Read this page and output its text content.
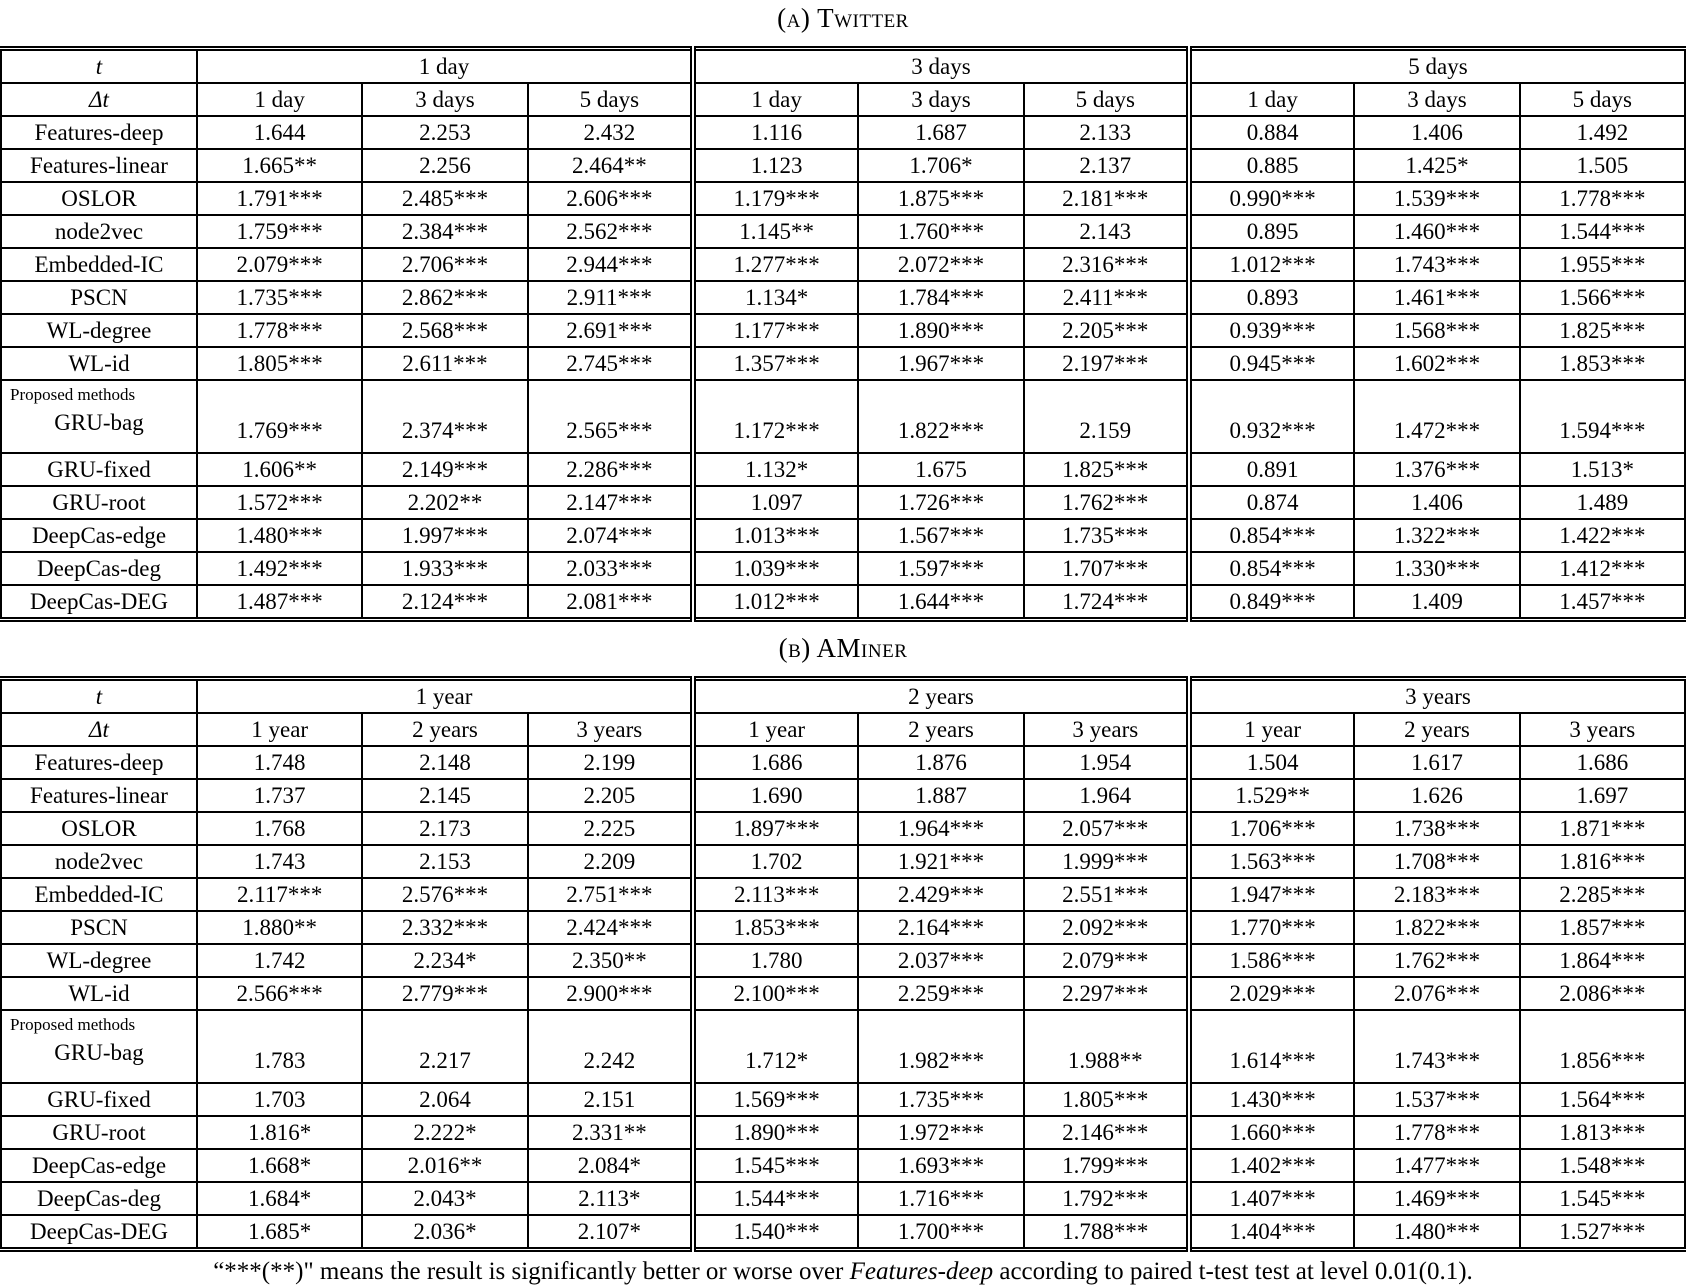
(a) Twitter
t	1 day			3 days			5 days		
Δt	1 day	3 days	5 days	1 day	3 days	5 days	1 day	3 days	5 days
Features-deep	1.644	2.253	2.432	1.116	1.687	2.133	0.884	1.406	1.492
Features-linear	1.665**	2.256	2.464**	1.123	1.706*	2.137	0.885	1.425*	1.505
OSLOR	1.791***	2.485***	2.606***	1.179***	1.875***	2.181***	0.990***	1.539***	1.778***
node2vec	1.759***	2.384***	2.562***	1.145**	1.760***	2.143	0.895	1.460***	1.544***
Embedded-IC	2.079***	2.706***	2.944***	1.277***	2.072***	2.316***	1.012***	1.743***	1.955***
PSCN	1.735***	2.862***	2.911***	1.134*	1.784***	2.411***	0.893	1.461***	1.566***
WL-degree	1.778***	2.568***	2.691***	1.177***	1.890***	2.205***	0.939***	1.568***	1.825***
WL-id	1.805***	2.611***	2.745***	1.357***	1.967***	2.197***	0.945***	1.602***	1.853***

Proposed methods
GRU-bag	1.769***	2.374***	2.565***	1.172***	1.822***	2.159	0.932***	1.472***	1.594***
GRU-fixed	1.606**	2.149***	2.286***	1.132*	1.675	1.825***	0.891	1.376***	1.513*
GRU-root	1.572***	2.202**	2.147***	1.097	1.726***	1.762***	0.874	1.406	1.489
DeepCas-edge	1.480***	1.997***	2.074***	1.013***	1.567***	1.735***	0.854***	1.322***	1.422***
DeepCas-deg	1.492***	1.933***	2.033***	1.039***	1.597***	1.707***	0.854***	1.330***	1.412***
DeepCas-DEG	1.487***	2.124***	2.081***	1.012***	1.644***	1.724***	0.849***	1.409	1.457***
(b) AMiner
t	1 year			2 years			3 years		
Δt	1 year	2 years	3 years	1 year	2 years	3 years	1 year	2 years	3 years
Features-deep	1.748	2.148	2.199	1.686	1.876	1.954	1.504	1.617	1.686
Features-linear	1.737	2.145	2.205	1.690	1.887	1.964	1.529**	1.626	1.697
OSLOR	1.768	2.173	2.225	1.897***	1.964***	2.057***	1.706***	1.738***	1.871***
node2vec	1.743	2.153	2.209	1.702	1.921***	1.999***	1.563***	1.708***	1.816***
Embedded-IC	2.117***	2.576***	2.751***	2.113***	2.429***	2.551***	1.947***	2.183***	2.285***
PSCN	1.880**	2.332***	2.424***	1.853***	2.164***	2.092***	1.770***	1.822***	1.857***
WL-degree	1.742	2.234*	2.350**	1.780	2.037***	2.079***	1.586***	1.762***	1.864***
WL-id	2.566***	2.779***	2.900***	2.100***	2.259***	2.297***	2.029***	2.076***	2.086***

Proposed methods
GRU-bag	1.783	2.217	2.242	1.712*	1.982***	1.988**	1.614***	1.743***	1.856***
GRU-fixed	1.703	2.064	2.151	1.569***	1.735***	1.805***	1.430***	1.537***	1.564***
GRU-root	1.816*	2.222*	2.331**	1.890***	1.972***	2.146***	1.660***	1.778***	1.813***
DeepCas-edge	1.668*	2.016**	2.084*	1.545***	1.693***	1.799***	1.402***	1.477***	1.548***
DeepCas-deg	1.684*	2.043*	2.113*	1.544***	1.716***	1.792***	1.407***	1.469***	1.545***
DeepCas-DEG	1.685*	2.036*	2.107*	1.540***	1.700***	1.788***	1.404***	1.480***	1.527***
“***(**)" means the result is significantly better or worse over Features-deep according to paired t-test test at level 0.01(0.1).
